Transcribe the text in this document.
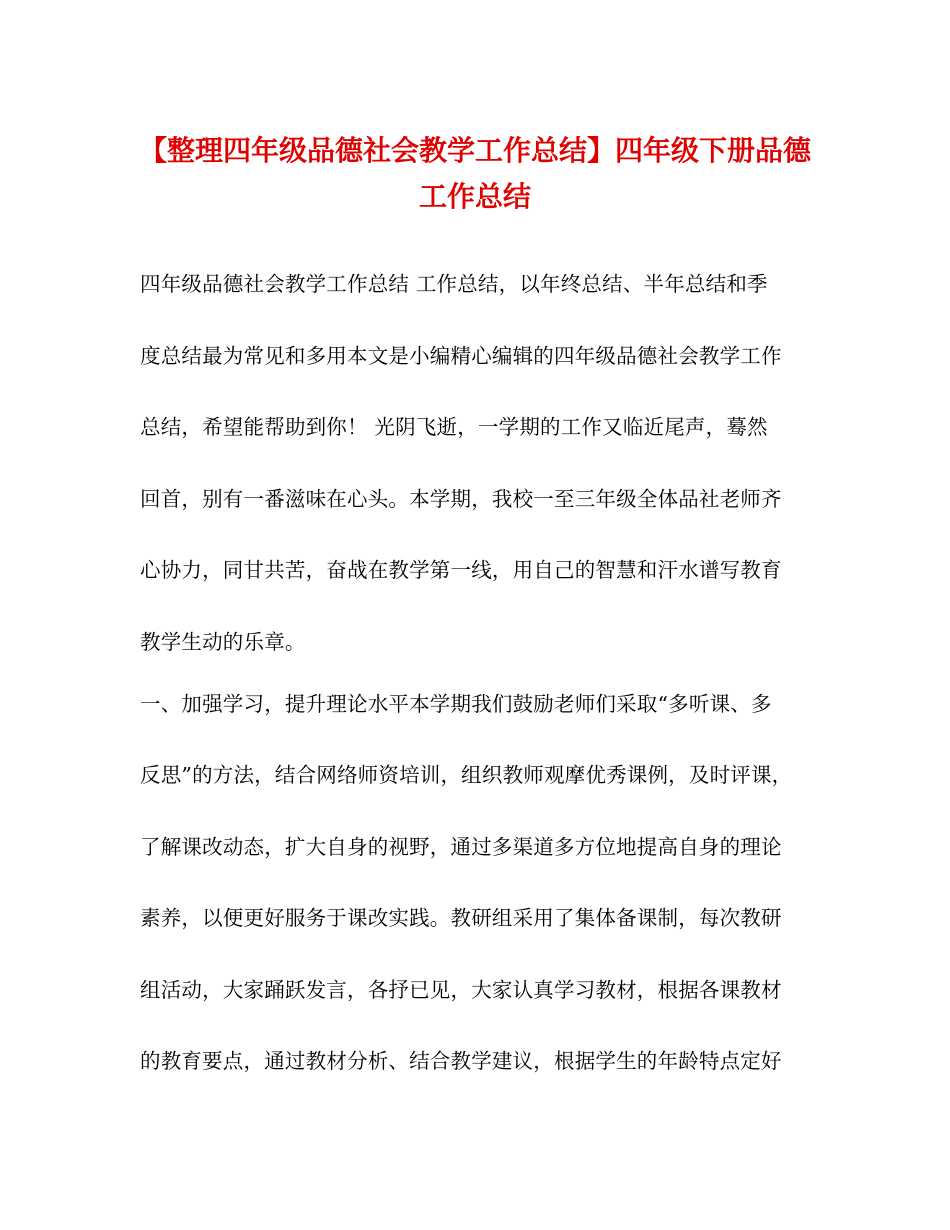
【整理四年级品德社会教学工作总结】四年级下册品德
工作总结
四年级品德社会教学工作总结 工作总结，以年终总结、半年总结和季
度总结最为常见和多用本文是小编精心编辑的四年级品德社会教学工作
总结，希望能帮助到你！ 光阴飞逝，一学期的工作又临近尾声，蓦然
回首，别有一番滋味在心头。本学期，我校一至三年级全体品社老师齐
心协力，同甘共苦，奋战在教学第一线，用自己的智慧和汗水谱写教育
教学生动的乐章。
一、加强学习，提升理论水平本学期我们鼓励老师们采取“多听课、多
反思”的方法，结合网络师资培训，组织教师观摩优秀课例，及时评课，
了解课改动态，扩大自身的视野，通过多渠道多方位地提高自身的理论
素养，以便更好服务于课改实践。教研组采用了集体备课制，每次教研
组活动，大家踊跃发言，各抒已见，大家认真学习教材，根据各课教材
的教育要点，通过教材分析、结合教学建议，根据学生的年龄特点定好
